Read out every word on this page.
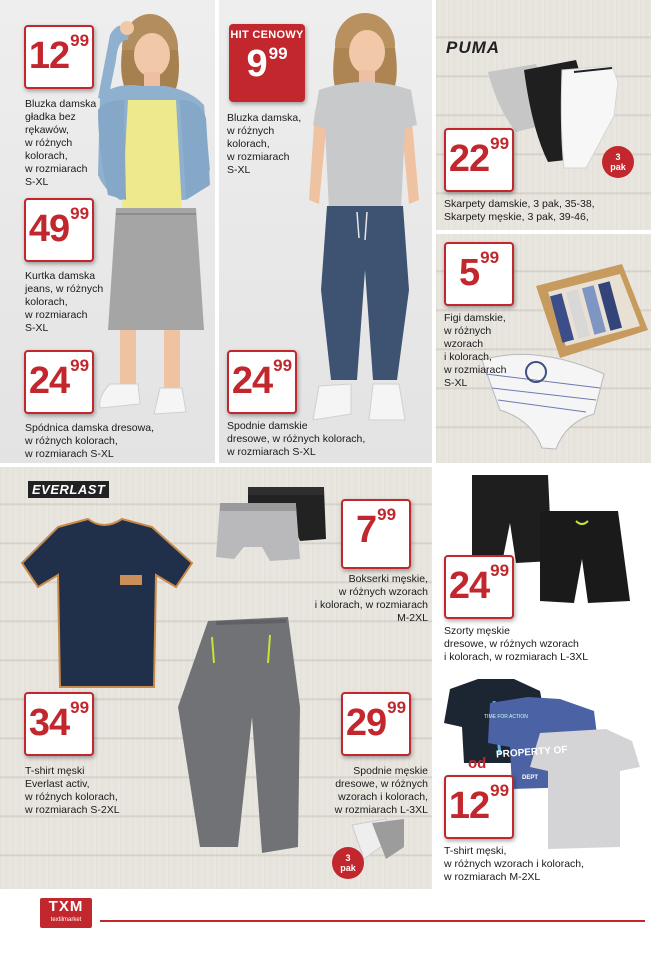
12 99
Bluzka damska
gładka bez
rękawów,
w różnych
kolorach,
w rozmiarach
S-XL
49 99
Kurtka damska
jeans, w różnych
kolorach,
w rozmiarach
S-XL
24 99
Spódnica damska dresowa,
w różnych kolorach,
w rozmiarach S-XL
HIT CENOWY
9 99
Bluzka damska,
w różnych
kolorach,
w rozmiarach
S-XL
24 99
Spodnie damskie
dresowe, w różnych kolorach,
w rozmiarach S-XL
PUMA
3
pak
22 99
Skarpety damskie, 3 pak, 35-38,
Skarpety męskie, 3 pak, 39-46,
5 99
Figi damskie,
w różnych
wzorach
i kolorach,
w rozmiarach
S-XL
EVERLAST
3
pak
7 99
Bokserki męskie,
w różnych wzorach
i kolorach, w rozmiarach
M-2XL
34 99
T-shirt męski
Everlast activ,
w różnych kolorach,
w rozmiarach S-2XL
29 99
Spodnie męskie
dresowe, w różnych
wzorach i kolorach,
w rozmiarach L-3XL
TIME FOR ACTION
PROPERTY OF
DEPT
24 99
Szorty męskie
dresowe, w różnych wzorach
i kolorach, w rozmiarach L-3XL
12 99
od
T-shirt męski,
w różnych wzorach i kolorach,
w rozmiarach M-2XL
TXM
textilmarket
